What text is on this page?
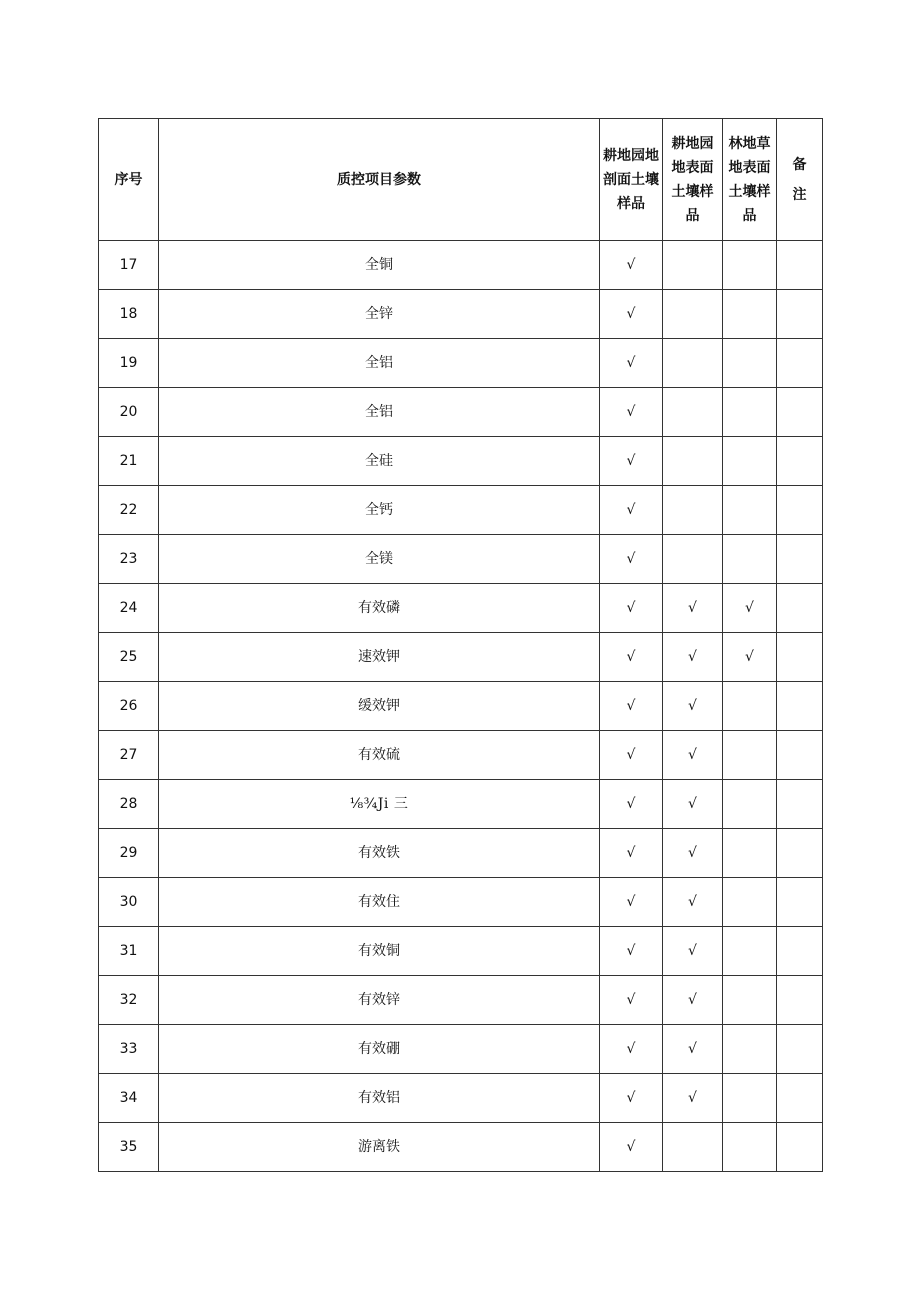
序号	质控项目参数	耕地园地剖面土壤样品	耕地园地表面土壤样品	林地草地表面土壤样品	备注
17	全铜	√			
18	全锌	√			
19	全铝	√			
20	全铝	√			
21	全硅	√			
22	全钙	√			
23	全镁	√			
24	有效磷	√	√	√	
25	速效钾	√	√	√	
26	缓效钾	√	√		
27	有效硫	√	√		
28	⅛¾Ji 三	√	√		
29	有效铁	√	√		
30	有效住	√	√		
31	有效铜	√	√		
32	有效锌	√	√		
33	有效硼	√	√		
34	有效铝	√	√		
35	游离铁	√			
